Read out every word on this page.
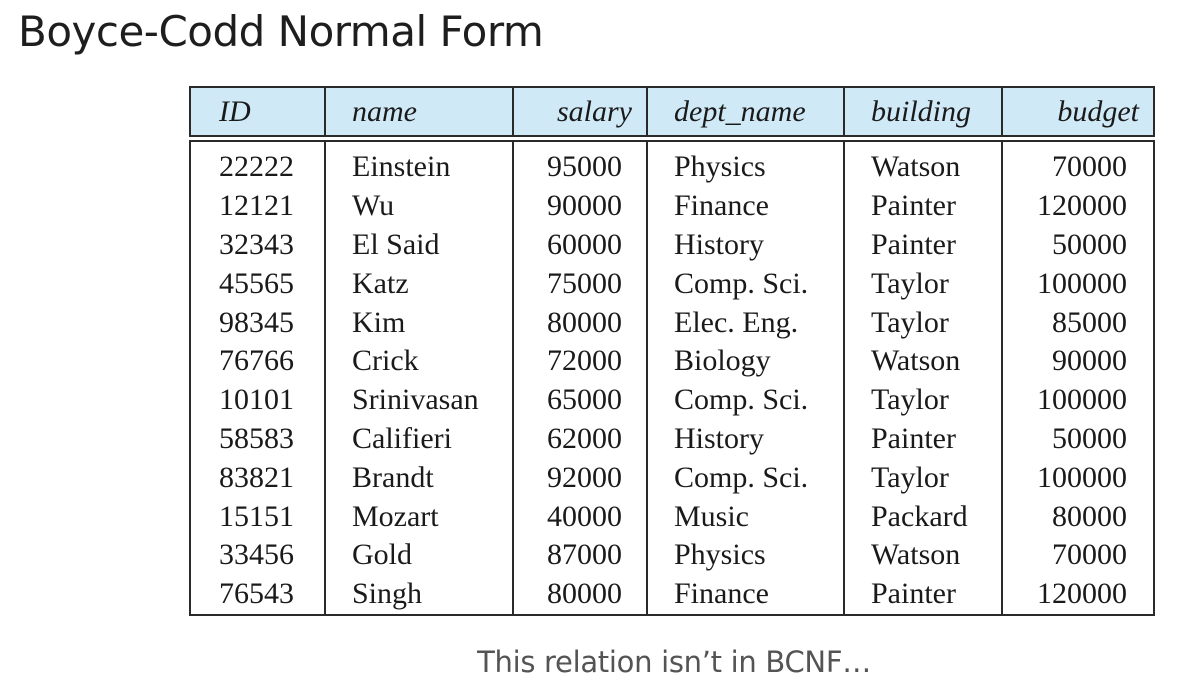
Boyce-Codd Normal Form
ID	name	salary	dept_name	building	budget

22222	Einstein	95000	Physics	Watson	70000
12121	Wu	90000	Finance	Painter	120000
32343	El Said	60000	History	Painter	50000
45565	Katz	75000	Comp. Sci.	Taylor	100000
98345	Kim	80000	Elec. Eng.	Taylor	85000
76766	Crick	72000	Biology	Watson	90000
10101	Srinivasan	65000	Comp. Sci.	Taylor	100000
58583	Califieri	62000	History	Painter	50000
83821	Brandt	92000	Comp. Sci.	Taylor	100000
15151	Mozart	40000	Music	Packard	80000
33456	Gold	87000	Physics	Watson	70000
76543	Singh	80000	Finance	Painter	120000

This relation isn’t in BCNF…
